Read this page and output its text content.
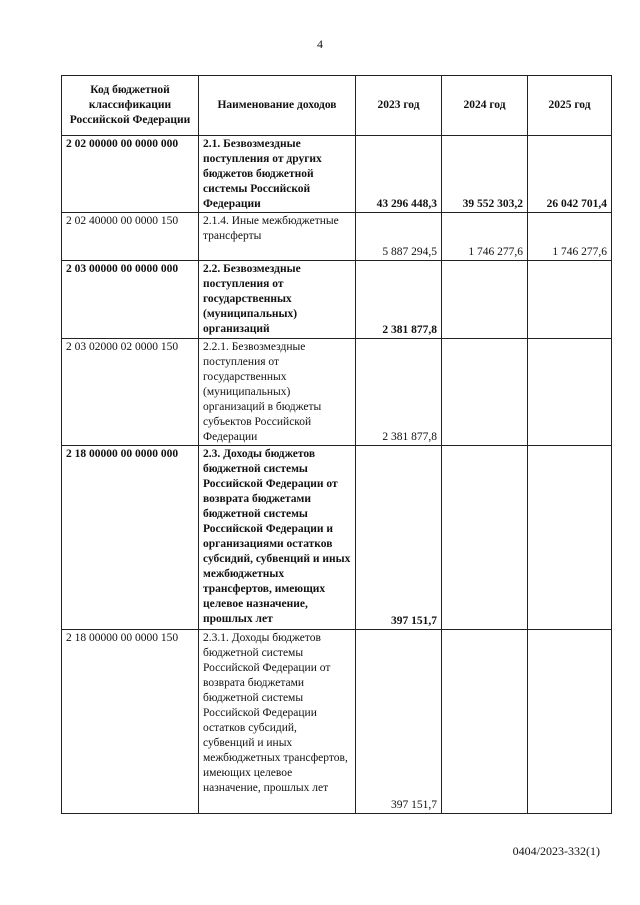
4
Код бюджетной классификации Российской Федерации	Наименование доходов	2023 год	2024 год	2025 год
2 02 00000 00 0000 000	2.1. Безвозмездные поступления от других бюджетов бюджетной системы Российской Федерации	43 296 448,3	39 552 303,2	26 042 701,4
2 02 40000 00 0000 150	2.1.4. Иные межбюджетные трансферты	5 887 294,5	1 746 277,6	1 746 277,6
2 03 00000 00 0000 000	2.2. Безвозмездные поступления от государственных (муниципальных) организаций	2 381 877,8		
2 03 02000 02 0000 150	2.2.1. Безвозмездные поступления от государственных (муниципальных) организаций в бюджеты субъектов Российской Федерации	2 381 877,8		
2 18 00000 00 0000 000	2.3. Доходы бюджетов бюджетной системы Российской Федерации от возврата бюджетами бюджетной системы Российской Федерации и организациями остатков субсидий, субвенций и иных межбюджетных трансфертов, имеющих целевое назначение, прошлых лет	397 151,7		
2 18 00000 00 0000 150	2.3.1. Доходы бюджетов бюджетной системы Российской Федерации от возврата бюджетами бюджетной системы Российской Федерации остатков субсидий, субвенций и иных межбюджетных трансфертов, имеющих целевое назначение, прошлых лет	397 151,7		
0404/2023-332(1)
